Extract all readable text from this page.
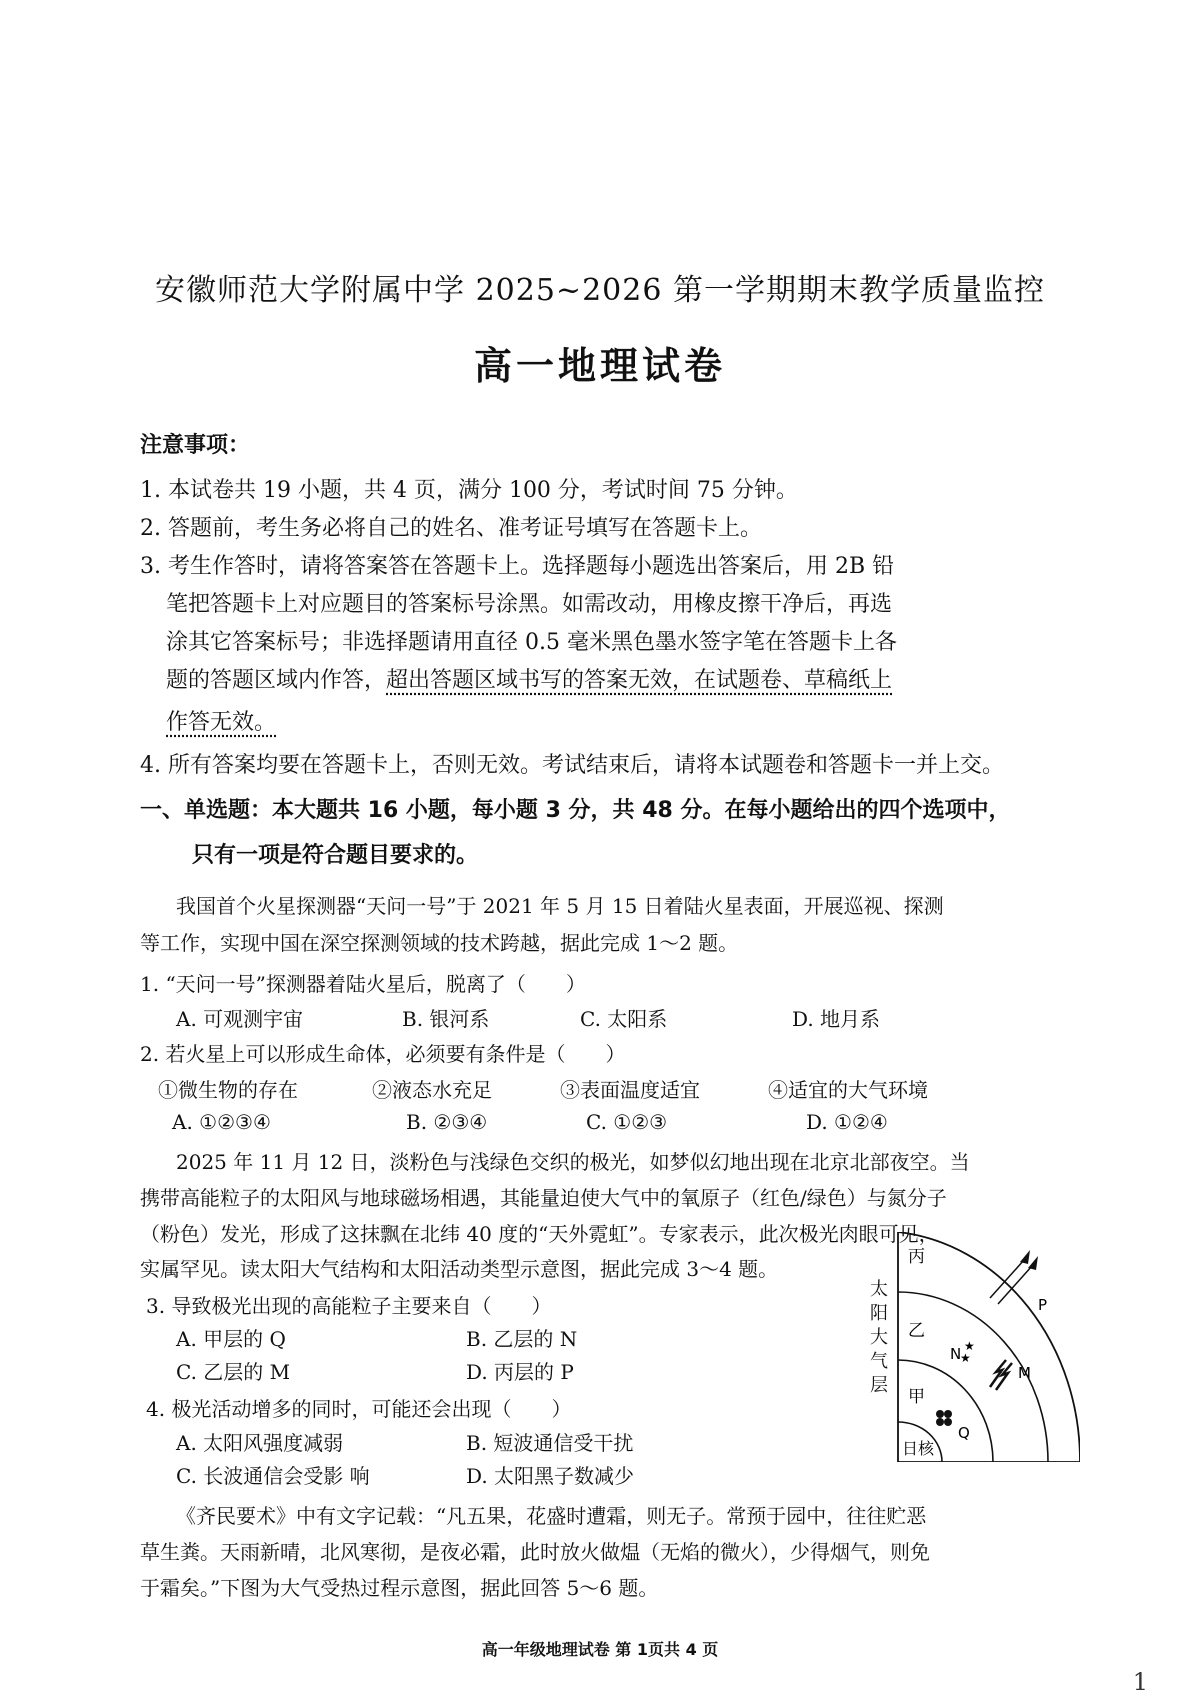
安徽师范大学附属中学 2025~2026 第一学期期末教学质量监控
高一地理试卷
注意事项：
1. 本试卷共 19 小题，共 4 页，满分 100 分，考试时间 75 分钟。
2. 答题前，考生务必将自己的姓名、准考证号填写在答题卡上。
3. 考生作答时，请将答案答在答题卡上。选择题每小题选出答案后，用 2B 铅
笔把答题卡上对应题目的答案标号涂黑。如需改动，用橡皮擦干净后，再选
涂其它答案标号；非选择题请用直径 0.5 毫米黑色墨水签字笔在答题卡上各
题的答题区域内作答，超出答题区域书写的答案无效，在试题卷、草稿纸上
作答无效。
4. 所有答案均要在答题卡上，否则无效。考试结束后，请将本试题卷和答题卡一并上交。
一、单选题：本大题共 16 小题，每小题 3 分，共 48 分。在每小题给出的四个选项中，
只有一项是符合题目要求的。
我国首个火星探测器“天问一号”于 2021 年 5 月 15 日着陆火星表面，开展巡视、探测
等工作，实现中国在深空探测领域的技术跨越，据此完成 1～2 题。
1. “天问一号”探测器着陆火星后，脱离了（　　）
A. 可观测宇宙	B. 银河系	C. 太阳系	D. 地月系
2. 若火星上可以形成生命体，必须要有条件是（　　）
①微生物的存在	②液态水充足	③表面温度适宜	④适宜的大气环境
A. ①②③④	B. ②③④	C. ①②③	D. ①②④
2025 年 11 月 12 日，淡粉色与浅绿色交织的极光，如梦似幻地出现在北京北部夜空。当
携带高能粒子的太阳风与地球磁场相遇，其能量迫使大气中的氧原子（红色/绿色）与氮分子
（粉色）发光，形成了这抹飘在北纬 40 度的“天外霓虹”。专家表示，此次极光肉眼可见，
实属罕见。读太阳大气结构和太阳活动类型示意图，据此完成 3～4 题。
3. 导致极光出现的高能粒子主要来自（　　）
A. 甲层的 Q	B. 乙层的 N
C. 乙层的 M	D. 丙层的 P
4. 极光活动增多的同时，可能还会出现（　　）
A. 太阳风强度减弱	B. 短波通信受干扰
C. 长波通信会受影 响	D. 太阳黑子数减少
太
阳
大
气
层
丙
乙
甲
日核
P
N ★
★
M
Q
《齐民要术》中有文字记载：“凡五果，花盛时遭霜，则无子。常预于园中，往往贮恶
草生粪。天雨新晴，北风寒彻，是夜必霜，此时放火做煴（无焰的微火），少得烟气，则免
于霜矣。”下图为大气受热过程示意图，据此回答 5～6 题。
高一年级地理试卷 第 1页共 4 页
1
